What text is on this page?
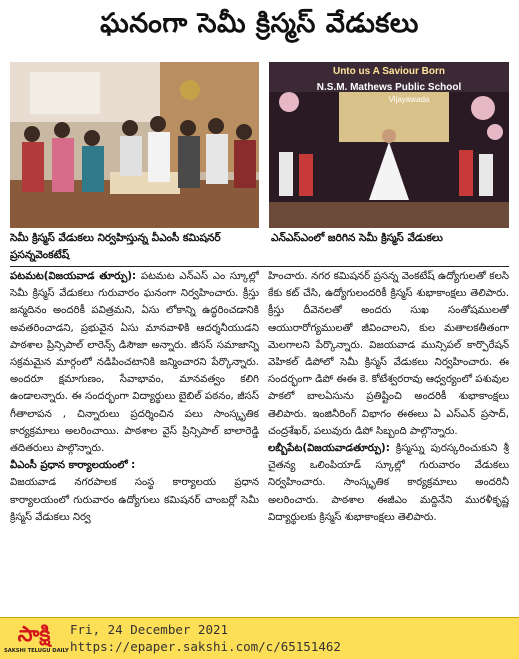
ఘనంగా సెమీ క్రిస్మస్ వేడుకలు
Unto us A Saviour Born
N.S.M. Mathews Public School
Vijayawada
సెమీ క్రిస్మస్ వేడుకలు నిర్వహిస్తున్న వీఎంసీ కమిషనర్ ప్రసన్నవెంకటేష్
ఎన్ఎస్ఎంలో జరిగిన సెమీ క్రిస్మస్ వేడుకలు

పటమట(విజయవాడ తూర్పు): పటమట ఎన్ఎస్ ఎం స్కూల్లో సెమీ క్రిస్మస్ వేడుకలు గురువారం ఘనంగా నిర్వహించారు. క్రీస్తు జన్మదినం అందరికీ పవిత్రమని, ఏసు లోకాన్ని ఉద్ధరించడానికి అవతరించాడని, ప్రభువైన ఏసు మానవాళికి ఆదర్శనీయుడని పాఠశాల ప్రిన్సిపాల్ లారెన్స్ డిసౌజా అన్నారు. జీసస్ సమాజాన్ని సక్రమమైన మార్గంలో నడిపించటానికి జన్మించారని పేర్కొన్నారు. అందరూ క్షమాగుణం, సేవాభావం, మానవత్వం కలిగి ఉండాలన్నారు. ఈ సందర్భంగా విద్యార్థులు బైబిల్ పఠనం, జీసస్ గీతాలాపన , చిన్నారులు ప్రదర్శించిన పలు సాంస్కృతిక కార్యక్రమాలు అలరించాయి. పాఠశాల వైస్ ప్రిన్సిపాల్ బాలారెడ్డి తదితరులు పాల్గొన్నారు.

వీఎంసీ ప్రధాన కార్యాలయంలో :

విజయవాడ నగరపాలక సంస్థ కార్యాలయ ప్రధాన కార్యాలయంలో గురువారం ఉద్యోగులు కమిషనర్ చాంబర్లో సెమీ క్రిస్మస్ వేడుకలు నిర్వ

హించారు. నగర కమిషనర్ ప్రసన్న వెంకటేష్ ఉద్యోగులతో కలసి కేకు కట్ చేసి, ఉద్యోగులందరికీ క్రిస్మస్ శుభాకాంక్షలు తెలిపారు. క్రీస్తు దీవెనలతో అందరు సుఖ సంతోషములతో ఆయురారోగ్యములతో జీవించాలని, కుల మతాలకతీతంగా మెలగాలని పేర్కొన్నారు. విజయవాడ మున్సిపల్ కార్పొరేషన్ వెహికల్ డిపోలో సెమీ క్రిస్మస్ వేడుకలు నిర్వహించారు. ఈ సందర్భంగా డిపో ఈఈ కె. కోటేశ్వరరావు ఆధ్వర్యంలో పశువుల పాకలో బాలఏసును ప్రతిష్టించి అందరికీ శుభాకాంక్షలు తెలిపారు. ఇంజినీరింగ్ విభాగం ఈఈలు ఏ ఎస్ఎన్ ప్రసాద్, చంద్రశేఖర్, పలువురు డిపో సిబ్బంది పాల్గొన్నారు.

లబ్బీపేట(విజయవాడతూర్పు): క్రిస్మస్ను పురస్కరించుకుని శ్రీ చైతన్య ఒలింపియాడ్ స్కూల్లో గురువారం వేడుకలు నిర్వహించారు. సాంస్కృతిక కార్యక్రమాలు అందరినీ అలరించారు. పాఠశాల ఈజీఎం మద్దినేని మురళీకృష్ణ విద్యార్థులకు క్రిస్మస్ శుభాకాంక్షలు తెలిపారు.

సాక్షి
SAKSHI TELUGU DAILY
Fri, 24 December 2021
https://epaper.sakshi.com/c/65151462
